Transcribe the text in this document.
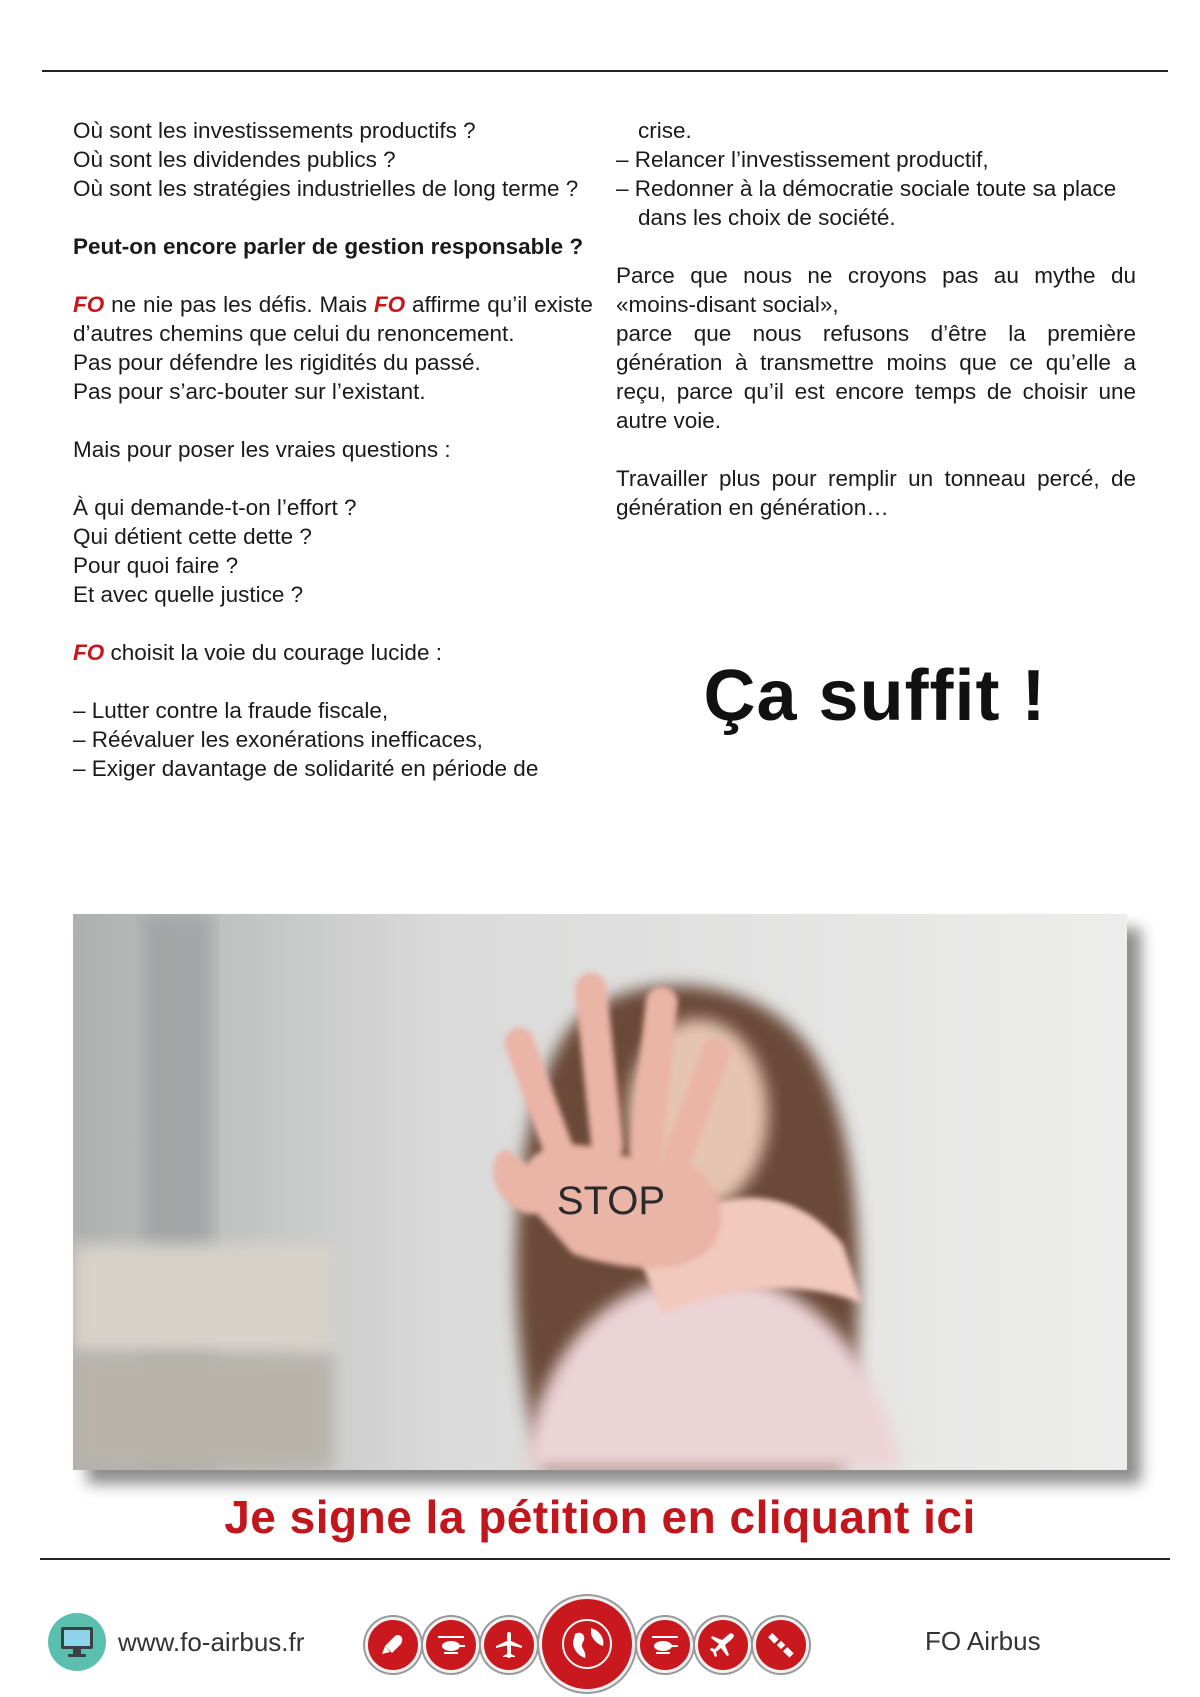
Où sont les investissements productifs ?

Où sont les dividendes publics ?

Où sont les stratégies industrielles de long terme ?

Peut-on encore parler de gestion responsable ?

FO ne nie pas les défis. Mais FO affirme qu’il existe d’autres chemins que celui du renoncement.

Pas pour défendre les rigidités du passé.

Pas pour s’arc-bouter sur l’existant.

Mais pour poser les vraies questions :

À qui demande-t-on l’effort ?

Qui détient cette dette ?

Pour quoi faire ?

Et avec quelle justice ?

FO choisit la voie du courage lucide :

– Lutter contre la fraude fiscale,

– Réévaluer les exonérations inefficaces,

– Exiger davantage de solidarité en période de

crise.

– Relancer l’investissement productif,

– Redonner à la démocratie sociale toute sa place dans les choix de société.

Parce que nous ne croyons pas au mythe du «moins-disant social»,

parce que nous refusons d’être la première génération à transmettre moins que ce qu’elle a reçu, parce qu’il est encore temps de choisir une autre voie.

Travailler plus pour remplir un tonneau percé, de génération en génération…

Ça suffit !
STOP
Je signe la pétition en cliquant ici
www.fo-airbus.fr	FO Airbus
